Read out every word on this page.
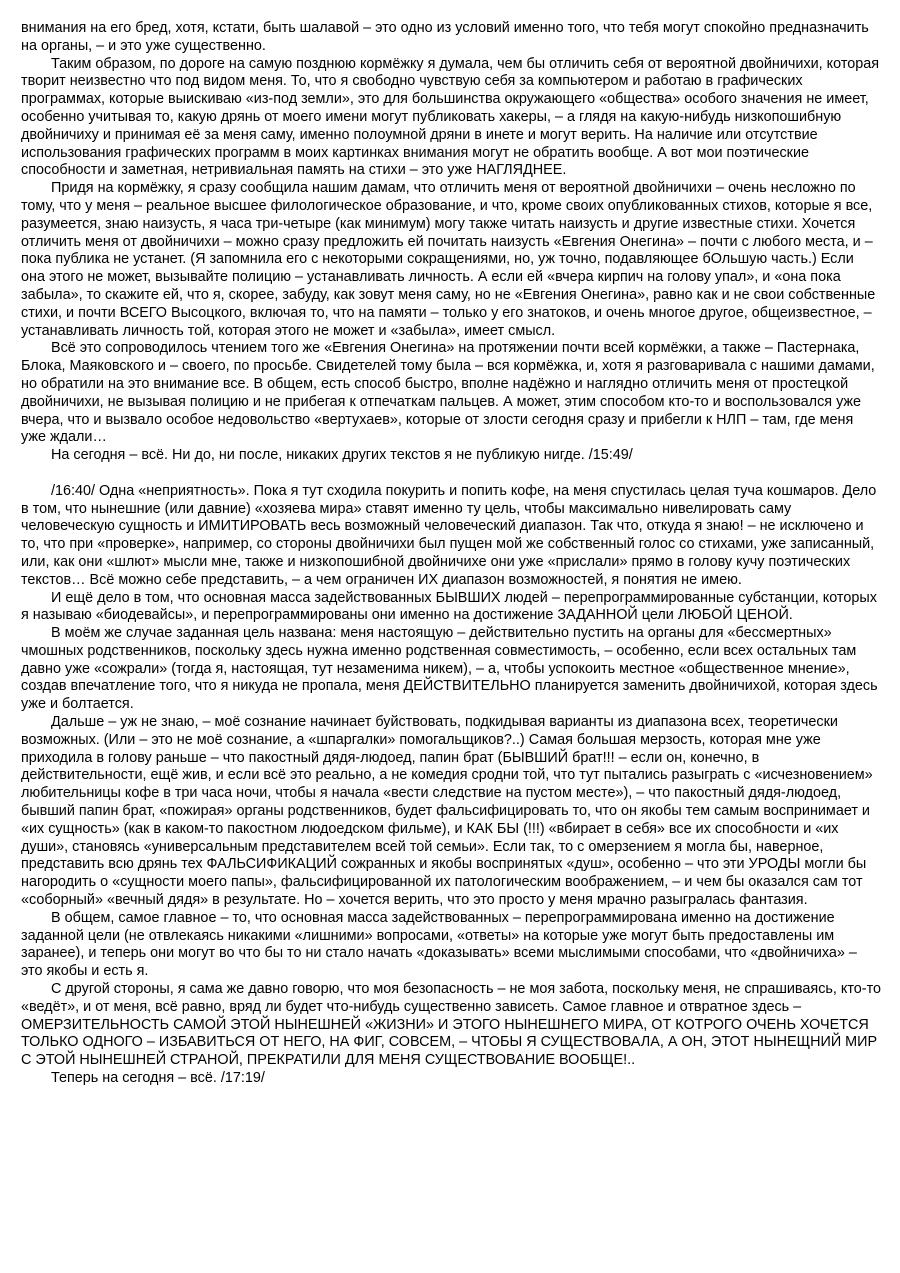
внимания на его бред, хотя, кстати, быть шалавой – это одно из условий именно того, что тебя могут спокойно предназначить на органы, – и это уже существенно.

Таким образом, по дороге на самую позднюю кормёжку я думала, чем бы отличить себя от вероятной двойничихи, которая творит неизвестно что под видом меня. То, что я свободно чувствую себя за компьютером и работаю в графических программах, которые выискиваю «из-под земли», это для большинства окружающего «общества» особого значения не имеет, особенно учитывая то, какую дрянь от моего имени могут публиковать хакеры, – а глядя на какую-нибудь низкопошибную двойничиху и принимая её за меня саму, именно полоумной дряни в инете и могут верить. На наличие или отсутствие использования графических программ в моих картинках внимания могут не обратить вообще. А вот мои поэтические способности и заметная, нетривиальная память на стихи – это уже НАГЛЯДНЕЕ.

Придя на кормёжку, я сразу сообщила нашим дамам, что отличить меня от вероятной двойничихи – очень несложно по тому, что у меня – реальное высшее филологическое образование, и что, кроме своих опубликованных стихов, которые я все, разумеется, знаю наизусть, я часа три-четыре (как минимум) могу также читать наизусть и другие известные стихи. Хочется отличить меня от двойничихи – можно сразу предложить ей почитать наизусть «Евгения Онегина» – почти с любого места, и – пока публика не устанет. (Я запомнила его с некоторыми сокращениями, но, уж точно, подавляющее бОльшую часть.) Если она этого не может, вызывайте полицию – устанавливать личность. А если ей «вчера кирпич на голову упал», и «она пока забыла», то скажите ей, что я, скорее, забуду, как зовут меня саму, но не «Евгения Онегина», равно как и не свои собственные стихи, и почти ВСЕГО Высоцкого, включая то, что на памяти – только у его знатоков, и очень многое другое, общеизвестное, – устанавливать личность той, которая этого не может и «забыла», имеет смысл.

Всё это сопроводилось чтением того же «Евгения Онегина» на протяжении почти всей кормёжки, а также – Пастернака, Блока, Маяковского и – своего, по просьбе. Свидетелей тому была – вся кормёжка, и, хотя я разговаривала с нашими дамами, но обратили на это внимание все. В общем, есть способ быстро, вполне надёжно и наглядно отличить меня от простецкой двойничихи, не вызывая полицию и не прибегая к отпечаткам пальцев. А может, этим способом кто-то и воспользовался уже вчера, что и вызвало особое недовольство «вертухаев», которые от злости сегодня сразу и прибегли к НЛП – там, где меня уже ждали…

На сегодня – всё. Ни до, ни после, никаких других текстов я не публикую нигде. /15:49/

/16:40/ Одна «неприятность». Пока я тут сходила покурить и попить кофе, на меня спустилась целая туча кошмаров. Дело в том, что нынешние (или давние) «хозяева мира» ставят именно ту цель, чтобы максимально нивелировать саму человеческую сущность и ИМИТИРОВАТЬ весь возможный человеческий диапазон. Так что, откуда я знаю! – не исключено и то, что при «проверке», например, со стороны двойничихи был пущен мой же собственный голос со стихами, уже записанный, или, как они «шлют» мысли мне, также и низкопошибной двойничихе они уже «прислали» прямо в голову кучу поэтических текстов… Всё можно себе представить, – а чем ограничен ИХ диапазон возможностей, я понятия не имею.

И ещё дело в том, что основная масса задействованных БЫВШИХ людей – перепрограммированные субстанции, которых я называю «биодевайсы», и перепрограммированы они именно на достижение ЗАДАННОЙ цели ЛЮБОЙ ЦЕНОЙ.

В моём же случае заданная цель названа: меня настоящую – действительно пустить на органы для «бессмертных» чмошных родственников, поскольку здесь нужна именно родственная совместимость, – особенно, если всех остальных там давно уже «сожрали» (тогда я, настоящая, тут незаменима никем), – а, чтобы успокоить местное «общественное мнение», создав впечатление того, что я никуда не пропала, меня ДЕЙСТВИТЕЛЬНО планируется заменить двойничихой, которая здесь уже и болтается.

Дальше – уж не знаю, – моё сознание начинает буйствовать, подкидывая варианты из диапазона всех, теоретически возможных. (Или – это не моё сознание, а «шпаргалки» помогальщиков?..) Самая большая мерзость, которая мне уже приходила в голову раньше – что пакостный дядя-людоед, папин брат (БЫВШИЙ брат!!! – если он, конечно, в действительности, ещё жив, и если всё это реально, а не комедия сродни той, что тут пытались разыграть с «исчезновением» любительницы кофе в три часа ночи, чтобы я начала «вести следствие на пустом месте»), – что пакостный дядя-людоед, бывший папин брат, «пожирая» органы родственников, будет фальсифицировать то, что он якобы тем самым воспринимает и «их сущность» (как в каком-то пакостном людоедском фильме), и КАК БЫ (!!!) «вбирает в себя» все их способности и «их души», становясь «универсальным представителем всей той семьи». Если так, то с омерзением я могла бы, наверное, представить всю дрянь тех ФАЛЬСИФИКАЦИЙ сожранных и якобы воспринятых «душ», особенно – что эти УРОДЫ могли бы нагородить о «сущности моего папы», фальсифицированной их патологическим воображением, – и чем бы оказался сам тот «соборный» «вечный дядя» в результате. Но – хочется верить, что это просто у меня мрачно разыгралась фантазия.

В общем, самое главное – то, что основная масса задействованных – перепрограммирована именно на достижение заданной цели (не отвлекаясь никакими «лишними» вопросами, «ответы» на которые уже могут быть предоставлены им заранее), и теперь они могут во что бы то ни стало начать «доказывать» всеми мыслимыми способами, что «двойничиха» – это якобы и есть я.

С другой стороны, я сама же давно говорю, что моя безопасность – не моя забота, поскольку меня, не спрашиваясь, кто-то «ведёт», и от меня, всё равно, вряд ли будет что-нибудь существенно зависеть. Самое главное и отвратное здесь – ОМЕРЗИТЕЛЬНОСТЬ САМОЙ ЭТОЙ НЫНЕШНЕЙ «ЖИЗНИ» И ЭТОГО НЫНЕШНЕГО МИРА, ОТ КОТРОГО ОЧЕНЬ ХОЧЕТСЯ ТОЛЬКО ОДНОГО – ИЗБАВИТЬСЯ ОТ НЕГО, НА ФИГ, СОВСЕМ, – ЧТОБЫ Я СУЩЕСТВОВАЛА, А ОН, ЭТОТ НЫНЕЩНИЙ МИР С ЭТОЙ НЫНЕШНЕЙ СТРАНОЙ, ПРЕКРАТИЛИ ДЛЯ МЕНЯ СУЩЕСТВОВАНИЕ ВООБЩЕ!..

Теперь на сегодня – всё. /17:19/
